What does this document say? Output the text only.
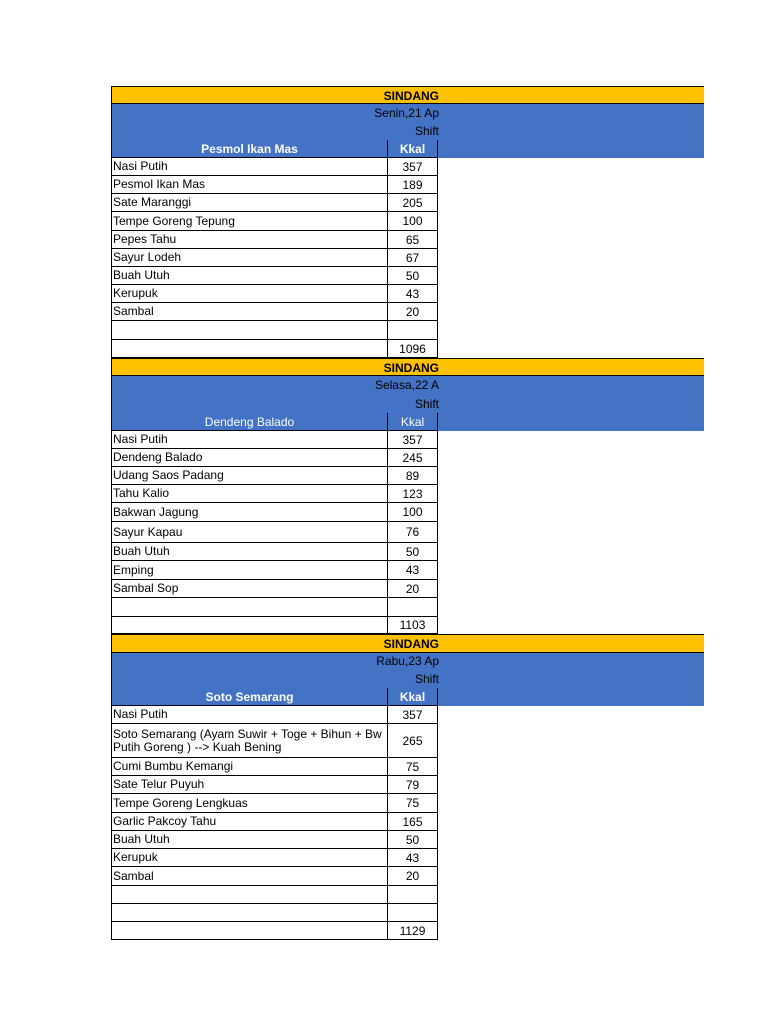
SINDANG
Senin,21 Ap
Shift
Pesmol Ikan Mas	Kkal
Nasi Putih	357
Pesmol Ikan Mas	189
Sate Maranggi	205
Tempe Goreng Tepung	100
Pepes Tahu	65
Sayur Lodeh	67
Buah Utuh	50
Kerupuk	43
Sambal	20
1096
SINDANG
Selasa,22 A
Shift
Dendeng Balado	Kkal
Nasi Putih	357
Dendeng Balado	245
Udang Saos Padang	89
Tahu Kalio	123
Bakwan Jagung	100
Sayur Kapau	76
Buah Utuh	50
Emping	43
Sambal Sop	20
1103
SINDANG
Rabu,23 Ap
Shift
Soto Semarang	Kkal
Nasi Putih	357
Soto Semarang (Ayam Suwir + Toge + Bihun + Bw Putih Goreng ) --> Kuah Bening	265
Cumi Bumbu Kemangi	75
Sate Telur Puyuh	79
Tempe Goreng Lengkuas	75
Garlic Pakcoy Tahu	165
Buah Utuh	50
Kerupuk	43
Sambal	20
1129
